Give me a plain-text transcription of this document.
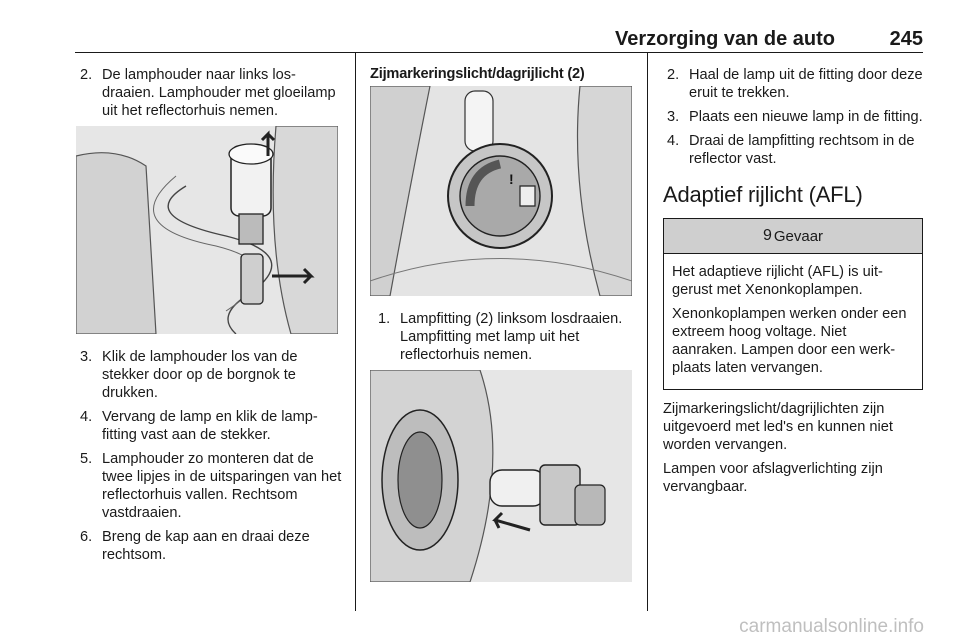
Verzorging van de auto	245
2. De lamphouder naar links losdraaien. Lamphouder met gloeilamp uit het reflectorhuis nemen.
3. Klik de lamphouder los van de stekker door op de borgnok te drukken.
4. Vervang de lamp en klik de lampfitting vast aan de stekker.
5. Lamphouder zo monteren dat de twee lipjes in de uitsparingen van het reflectorhuis vallen. Rechtsom vastdraaien.
6. Breng de kap aan en draai deze rechtsom.
Zijmarkeringslicht/dagrijlicht (2)
!
1. Lampfitting (2) linksom losdraaien. Lampfitting met lamp uit het reflectorhuis nemen.
2. Haal de lamp uit de fitting door deze eruit te trekken.
3. Plaats een nieuwe lamp in de fitting.
4. Draai de lampfitting rechtsom in de reflector vast.
Adaptief rijlicht (AFL)
9 Gevaar

Het adaptieve rijlicht (AFL) is uitgerust met Xenonkoplampen.

Xenonkoplampen werken onder een extreem hoog voltage. Niet aanraken. Lampen door een werkplaats laten vervangen.

Zijmarkeringslicht/dagrijlichten zijn uitgevoerd met led's en kunnen niet worden vervangen.

Lampen voor afslagverlichting zijn vervangbaar.

carmanualsonline.info
